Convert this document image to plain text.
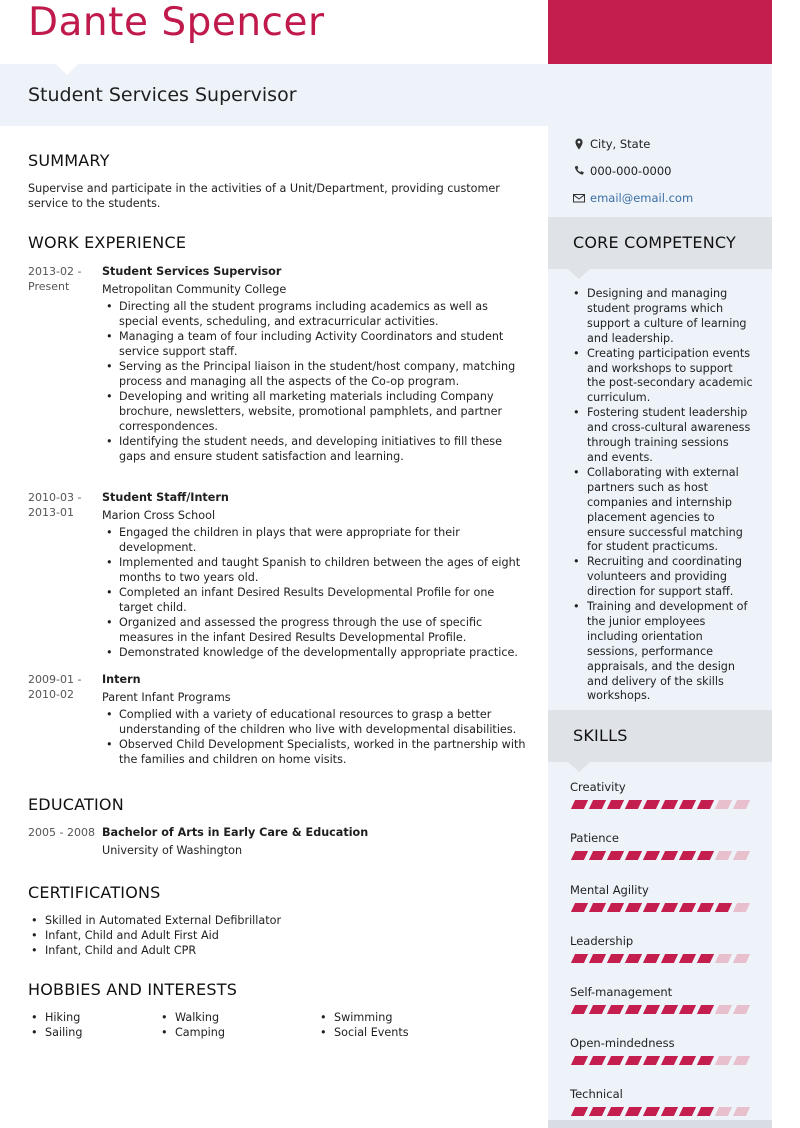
Dante Spencer
Student Services Supervisor
City, State
000-000-0000
email@email.com
CORE COMPETENCY
• Designing and managing student programs which support a culture of learning and leadership.
• Creating participation events and workshops to support the post-secondary academic curriculum.
• Fostering student leadership and cross-cultural awareness through training sessions and events.
• Collaborating with external partners such as host companies and internship placement agencies to ensure successful matching for student practicums.
• Recruiting and coordinating volunteers and providing direction for support staff.
• Training and development of the junior employees including orientation sessions, performance appraisals, and the design and delivery of the skills workshops.
SKILLS
Creativity
Patience
Mental Agility
Leadership
Self-management
Open-mindedness
Technical
SUMMARY

Supervise and participate in the activities of a Unit/Department, providing customer service to the students.

WORK EXPERIENCE
2013-02 - Present
Student Services Supervisor
Metropolitan Community College
• Directing all the student programs including academics as well as special events, scheduling, and extracurricular activities.
• Managing a team of four including Activity Coordinators and student service support staff.
• Serving as the Principal liaison in the student/host company, matching process and managing all the aspects of the Co-op program.
• Developing and writing all marketing materials including Company brochure, newsletters, website, promotional pamphlets, and partner correspondences.
• Identifying the student needs, and developing initiatives to fill these gaps and ensure student satisfaction and learning.
2010-03 - 2013-01
Student Staff/Intern
Marion Cross School
• Engaged the children in plays that were appropriate for their development.
• Implemented and taught Spanish to children between the ages of eight months to two years old.
• Completed an infant Desired Results Developmental Profile for one target child.
• Organized and assessed the progress through the use of specific measures in the infant Desired Results Developmental Profile.
• Demonstrated knowledge of the developmentally appropriate practice.
2009-01 - 2010-02
Intern
Parent Infant Programs
• Complied with a variety of educational resources to grasp a better understanding of the children who live with developmental disabilities.
• Observed Child Development Specialists, worked in the partnership with the families and children on home visits.
EDUCATION
2005 - 2008 Bachelor of Arts in Early Care & Education
University of Washington
CERTIFICATIONS
• Skilled in Automated External Defibrillator
• Infant, Child and Adult First Aid
• Infant, Child and Adult CPR
HOBBIES AND INTERESTS
• Hiking
• Sailing
• Walking
• Camping
• Swimming
• Social Events
